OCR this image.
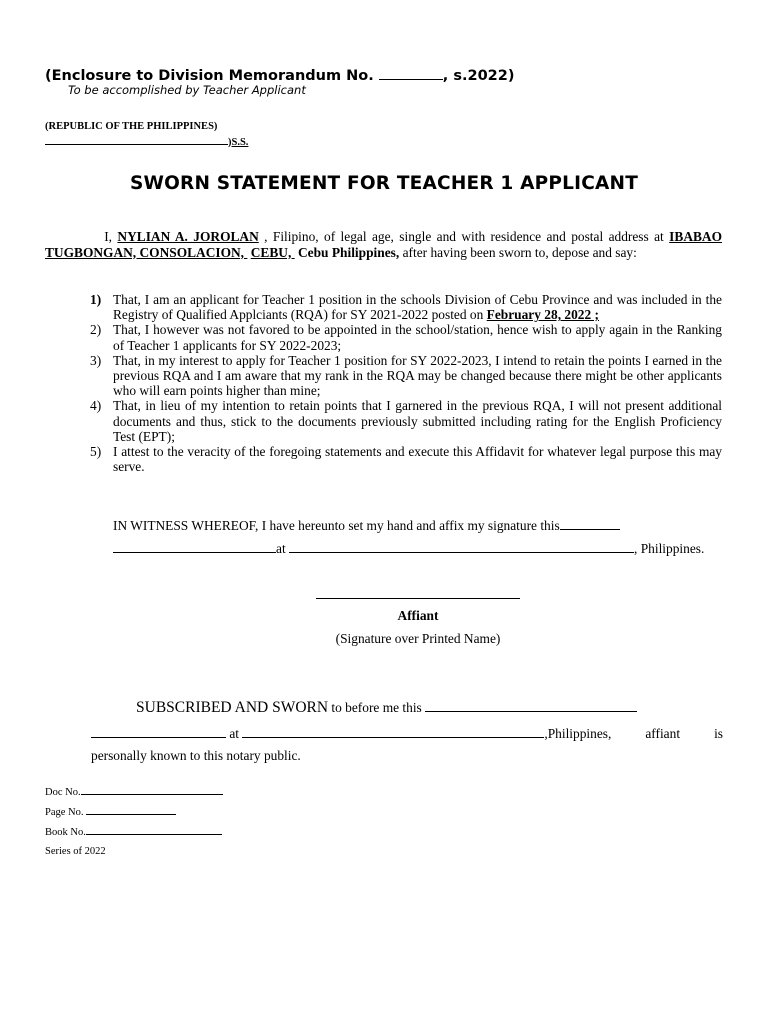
(Enclosure to Division Memorandum No.	, s.2022)
To be accomplished by Teacher Applicant
(REPUBLIC OF THE PHILIPPINES)
)S.S.
SWORN STATEMENT FOR TEACHER 1 APPLICANT
I, NYLIAN A. JOROLAN , Filipino, of legal age, single and with residence and postal address at IBABAO TUGBONGAN, CONSOLACION,  CEBU,  Cebu Philippines, after having been sworn to, depose and say:
1) That, I am an applicant for Teacher 1 position in the schools Division of Cebu Province and was included in the Registry of Qualified Applciants (RQA) for SY 2021-2022 posted on February 28, 2022 ;
2) That, I however was not favored to be appointed in the school/station, hence wish to apply again in the Ranking of Teacher 1 applicants for SY 2022-2023;
3) That, in my interest to apply for Teacher 1 position for SY 2022-2023, I intend to retain the points I earned in the previous RQA and I am aware that my rank in the RQA may be changed because there might be other applicants who will earn points higher than mine;
4) That, in lieu of my intention to retain points that I garnered in the previous RQA, I will not present additional documents and thus, stick to the documents previously submitted including rating for the English Proficiency Test (EPT);
5) I attest to the veracity of the foregoing statements and execute this Affidavit for whatever legal purpose this may serve.
IN WITNESS WHEREOF, I have hereunto set my hand and affix my signature this
at	, Philippines.
Affiant
(Signature over Printed Name)
SUBSCRIBED AND SWORN to before me this
at	,Philippines,	affiant	is
personally known to this notary public.
Doc No.
Page No.
Book No.
Series of 2022
